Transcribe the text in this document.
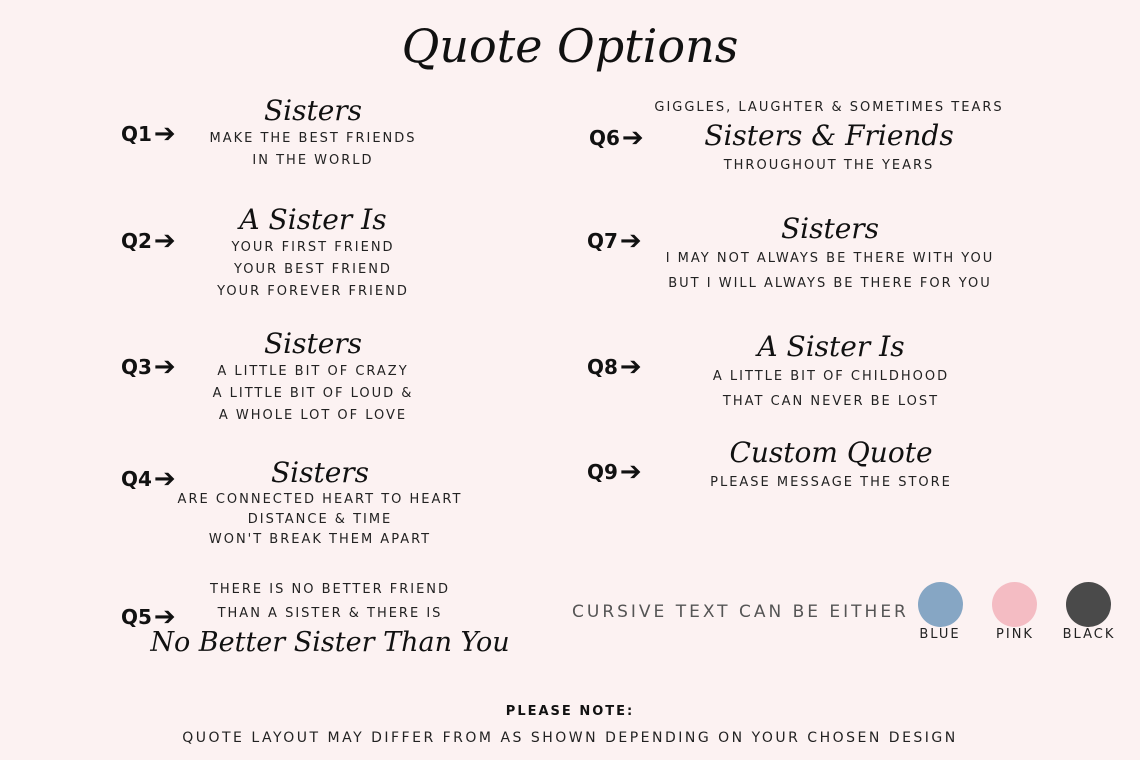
Quote Options
Q1 ➔
Sisters
MAKE THE BEST FRIENDS
IN THE WORLD
Q2 ➔
A Sister Is
YOUR FIRST FRIEND
YOUR BEST FRIEND
YOUR FOREVER FRIEND
Q3 ➔
Sisters
A LITTLE BIT OF CRAZY
A LITTLE BIT OF LOUD &
A WHOLE LOT OF LOVE
Q4 ➔	Sisters
ARE CONNECTED HEART TO HEART
DISTANCE & TIME
WON'T BREAK THEM APART
Q5 ➔
THERE IS NO BETTER FRIEND
THAN A SISTER & THERE IS
No Better Sister Than You
Q6 ➔
GIGGLES, LAUGHTER & SOMETIMES TEARS
Sisters & Friends
THROUGHOUT THE YEARS
Q7 ➔	Sisters
I MAY NOT ALWAYS BE THERE WITH YOU
BUT I WILL ALWAYS BE THERE FOR YOU
Q8 ➔
A Sister Is
A LITTLE BIT OF CHILDHOOD
THAT CAN NEVER BE LOST
Q9 ➔
Custom Quote
PLEASE MESSAGE THE STORE
CURSIVE TEXT CAN BE EITHER
BLUE	PINK BLACK
PLEASE NOTE:
QUOTE LAYOUT MAY DIFFER FROM AS SHOWN DEPENDING ON YOUR CHOSEN DESIGN
